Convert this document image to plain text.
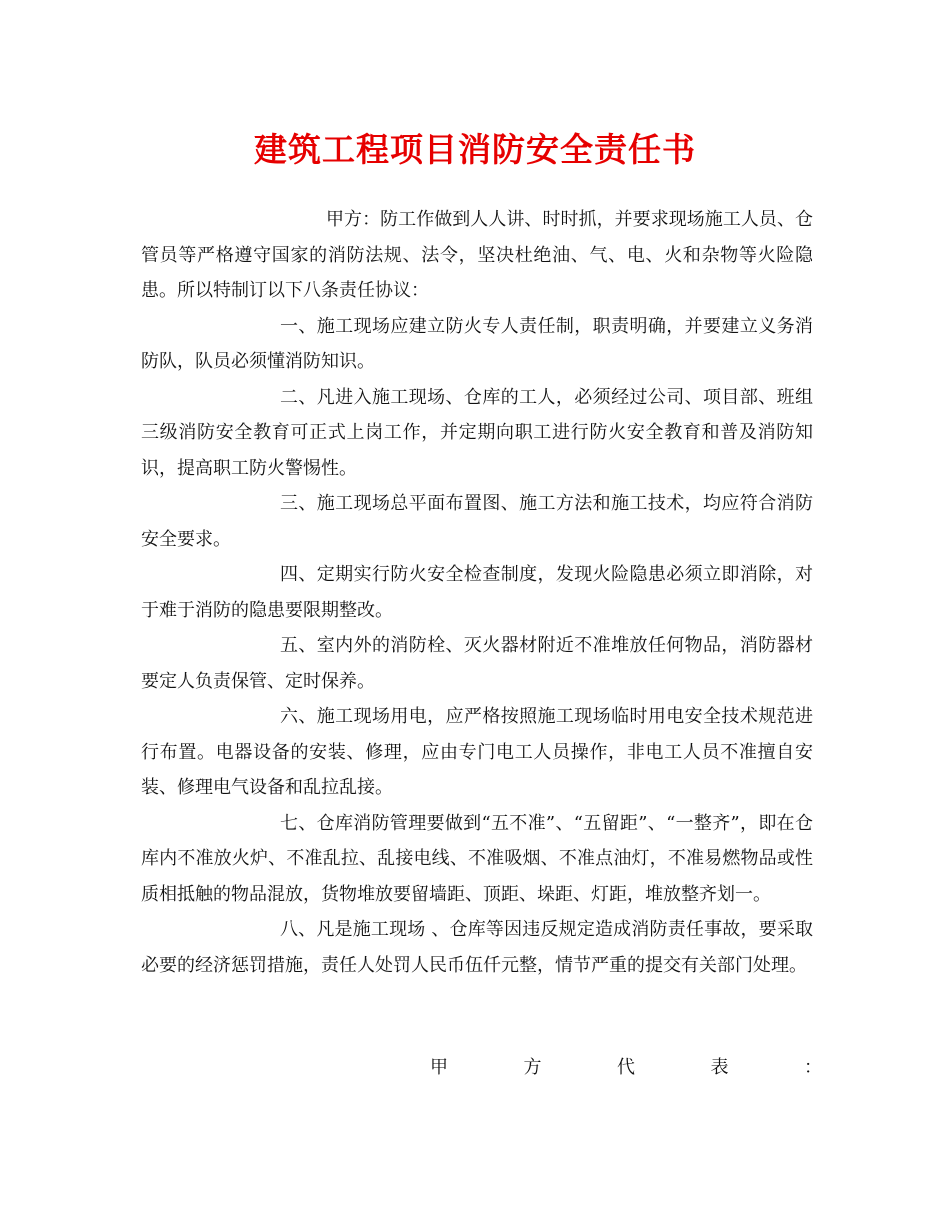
建筑工程项目消防安全责任书

甲方：防工作做到人人讲、时时抓，并要求现场施工人员、仓管员等严格遵守国家的消防法规、法令，坚决杜绝油、气、电、火和杂物等火险隐患。所以特制订以下八条责任协议：

一、施工现场应建立防火专人责任制，职责明确，并要建立义务消防队，队员必须懂消防知识。

二、凡进入施工现场、仓库的工人，必须经过公司、项目部、班组三级消防安全教育可正式上岗工作，并定期向职工进行防火安全教育和普及消防知识，提高职工防火警惕性。

三、施工现场总平面布置图、施工方法和施工技术，均应符合消防安全要求。

四、定期实行防火安全检查制度，发现火险隐患必须立即消除，对于难于消防的隐患要限期整改。

五、室内外的消防栓、灭火器材附近不准堆放任何物品，消防器材要定人负责保管、定时保养。

六、施工现场用电，应严格按照施工现场临时用电安全技术规范进行布置。电器设备的安装、修理，应由专门电工人员操作，非电工人员不准擅自安装、修理电气设备和乱拉乱接。

七、仓库消防管理要做到“五不准”、“五留距”、“一整齐”，即在仓库内不准放火炉、不准乱拉、乱接电线、不准吸烟、不准点油灯，不准易燃物品或性质相抵触的物品混放，货物堆放要留墙距、顶距、垛距、灯距，堆放整齐划一。

八、凡是施工现场 、仓库等因违反规定造成消防责任事故，要采取必要的经济惩罚措施，责任人处罚人民币伍仟元整，情节严重的提交有关部门处理。

甲	方	代	表	：
